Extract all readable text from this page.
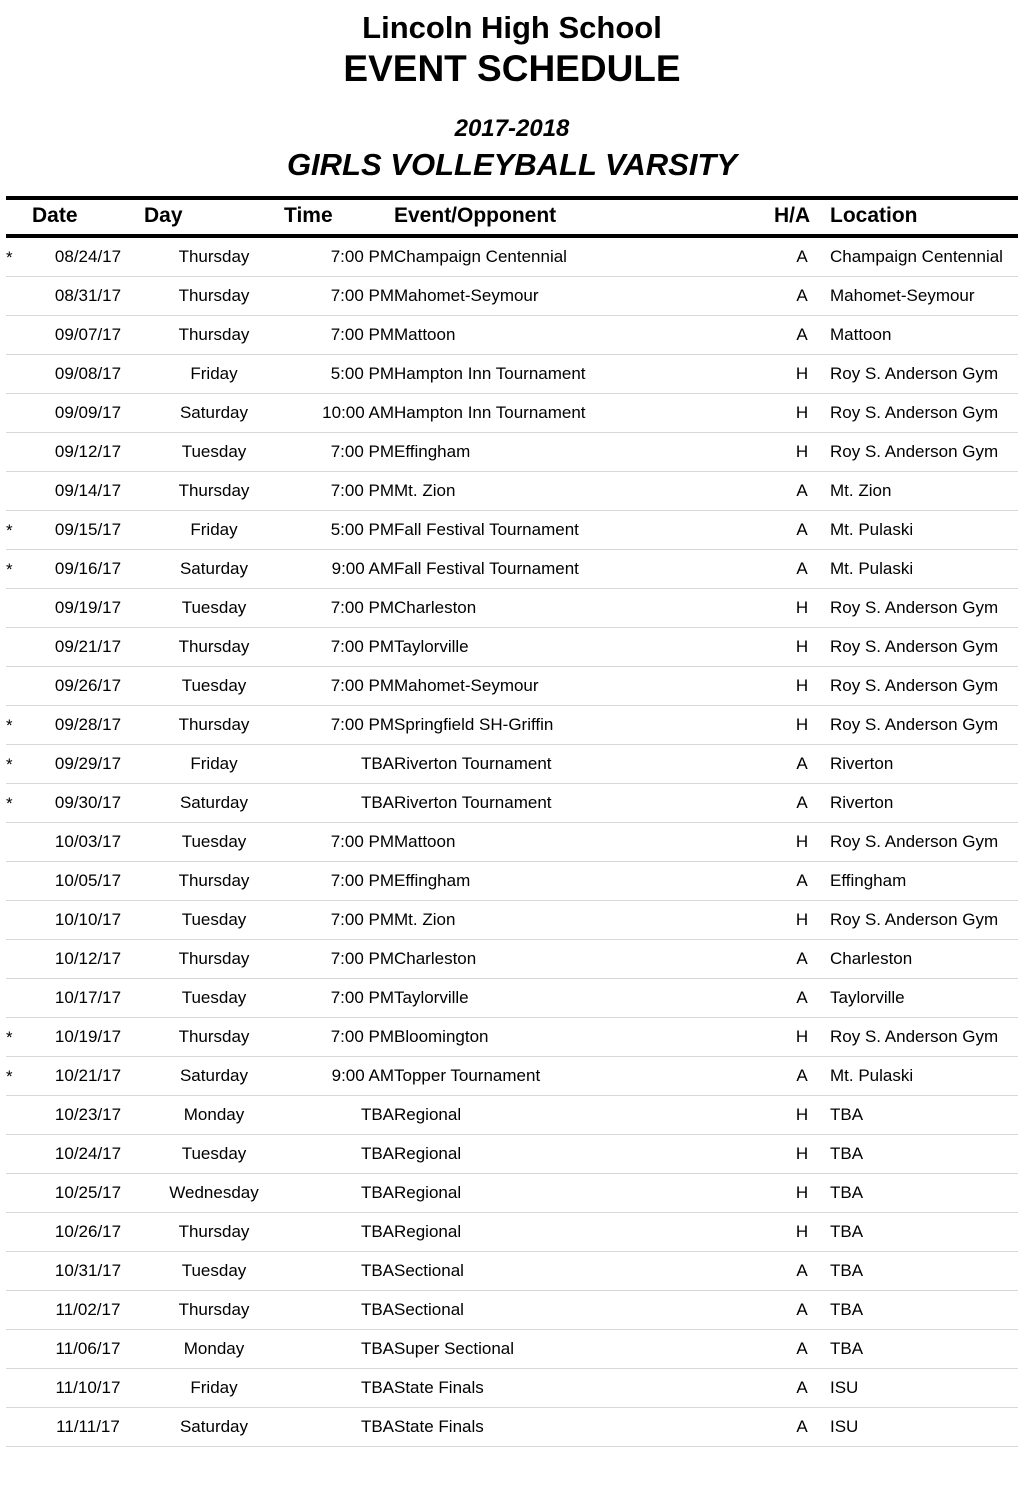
Lincoln High School
EVENT SCHEDULE
2017-2018
GIRLS VOLLEYBALL VARSITY
	Date	Day	Time	Event/Opponent	H/A	Location
*	08/24/17	Thursday	7:00 PM	Champaign Centennial	A	Champaign Centennial
	08/31/17	Thursday	7:00 PM	Mahomet-Seymour	A	Mahomet-Seymour
	09/07/17	Thursday	7:00 PM	Mattoon	A	Mattoon
	09/08/17	Friday	5:00 PM	Hampton Inn Tournament	H	Roy S. Anderson Gym
	09/09/17	Saturday	10:00 AM	Hampton Inn Tournament	H	Roy S. Anderson Gym
	09/12/17	Tuesday	7:00 PM	Effingham	H	Roy S. Anderson Gym
	09/14/17	Thursday	7:00 PM	Mt. Zion	A	Mt. Zion
*	09/15/17	Friday	5:00 PM	Fall Festival Tournament	A	Mt. Pulaski
*	09/16/17	Saturday	9:00 AM	Fall Festival Tournament	A	Mt. Pulaski
	09/19/17	Tuesday	7:00 PM	Charleston	H	Roy S. Anderson Gym
	09/21/17	Thursday	7:00 PM	Taylorville	H	Roy S. Anderson Gym
	09/26/17	Tuesday	7:00 PM	Mahomet-Seymour	H	Roy S. Anderson Gym
*	09/28/17	Thursday	7:00 PM	Springfield SH-Griffin	H	Roy S. Anderson Gym
*	09/29/17	Friday	TBA	Riverton Tournament	A	Riverton
*	09/30/17	Saturday	TBA	Riverton Tournament	A	Riverton
	10/03/17	Tuesday	7:00 PM	Mattoon	H	Roy S. Anderson Gym
	10/05/17	Thursday	7:00 PM	Effingham	A	Effingham
	10/10/17	Tuesday	7:00 PM	Mt. Zion	H	Roy S. Anderson Gym
	10/12/17	Thursday	7:00 PM	Charleston	A	Charleston
	10/17/17	Tuesday	7:00 PM	Taylorville	A	Taylorville
*	10/19/17	Thursday	7:00 PM	Bloomington	H	Roy S. Anderson Gym
*	10/21/17	Saturday	9:00 AM	Topper Tournament	A	Mt. Pulaski
	10/23/17	Monday	TBA	Regional	H	TBA
	10/24/17	Tuesday	TBA	Regional	H	TBA
	10/25/17	Wednesday	TBA	Regional	H	TBA
	10/26/17	Thursday	TBA	Regional	H	TBA
	10/31/17	Tuesday	TBA	Sectional	A	TBA
	11/02/17	Thursday	TBA	Sectional	A	TBA
	11/06/17	Monday	TBA	Super Sectional	A	TBA
	11/10/17	Friday	TBA	State Finals	A	ISU
	11/11/17	Saturday	TBA	State Finals	A	ISU
